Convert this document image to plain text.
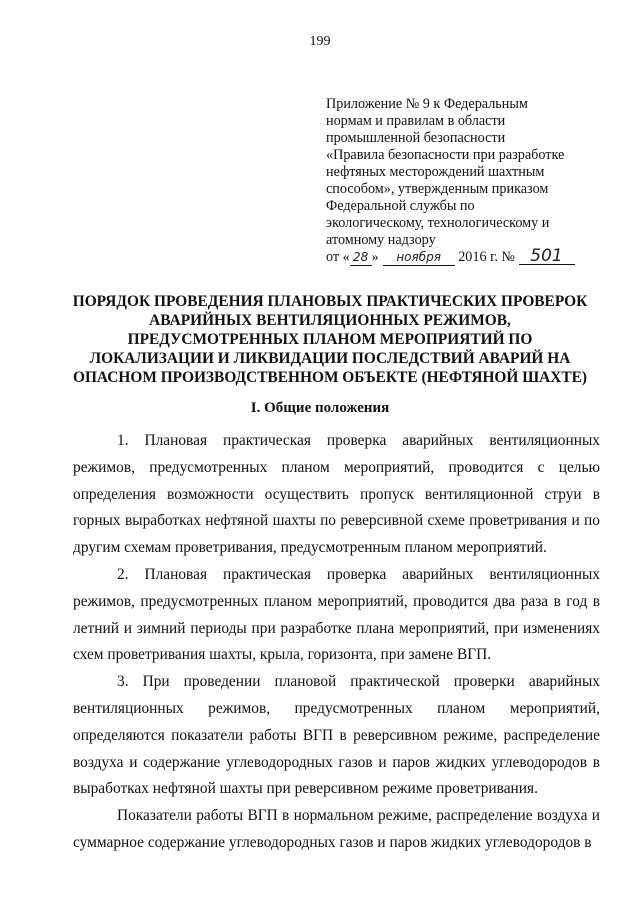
199
Приложение № 9 к Федеральным
нормам и правилам в области
промышленной безопасности
«Правила безопасности при разработке
нефтяных месторождений шахтным
способом», утвержденным приказом
Федеральной службы по
экологическому, технологическому и
атомному надзору
от « 28 » ноября 2016 г. № 501
ПОРЯДОК ПРОВЕДЕНИЯ ПЛАНОВЫХ ПРАКТИЧЕСКИХ ПРОВЕРОК
АВАРИЙНЫХ ВЕНТИЛЯЦИОННЫХ РЕЖИМОВ,
ПРЕДУСМОТРЕННЫХ ПЛАНОМ МЕРОПРИЯТИЙ ПО
ЛОКАЛИЗАЦИИ И ЛИКВИДАЦИИ ПОСЛЕДСТВИЙ АВАРИЙ НА
ОПАСНОМ ПРОИЗВОДСТВЕННОМ ОБЪЕКТЕ (НЕФТЯНОЙ ШАХТЕ)
I. Общие положения

1. Плановая практическая проверка аварийных вентиляционных режимов, предусмотренных планом мероприятий, проводится с целью определения возможности осуществить пропуск вентиляционной струи в горных выработках нефтяной шахты по реверсивной схеме проветривания и по другим схемам проветривания, предусмотренным планом мероприятий.

2. Плановая практическая проверка аварийных вентиляционных режимов, предусмотренных планом мероприятий, проводится два раза в год в летний и зимний периоды при разработке плана мероприятий, при изменениях схем проветривания шахты, крыла, горизонта, при замене ВГП.

3. При проведении плановой практической проверки аварийных вентиляционных режимов, предусмотренных планом мероприятий, определяются показатели работы ВГП в реверсивном режиме, распределение воздуха и содержание углеводородных газов и паров жидких углеводородов в выработках нефтяной шахты при реверсивном режиме проветривания.

Показатели работы ВГП в нормальном режиме, распределение воздуха и суммарное содержание углеводородных газов и паров жидких углеводородов в
